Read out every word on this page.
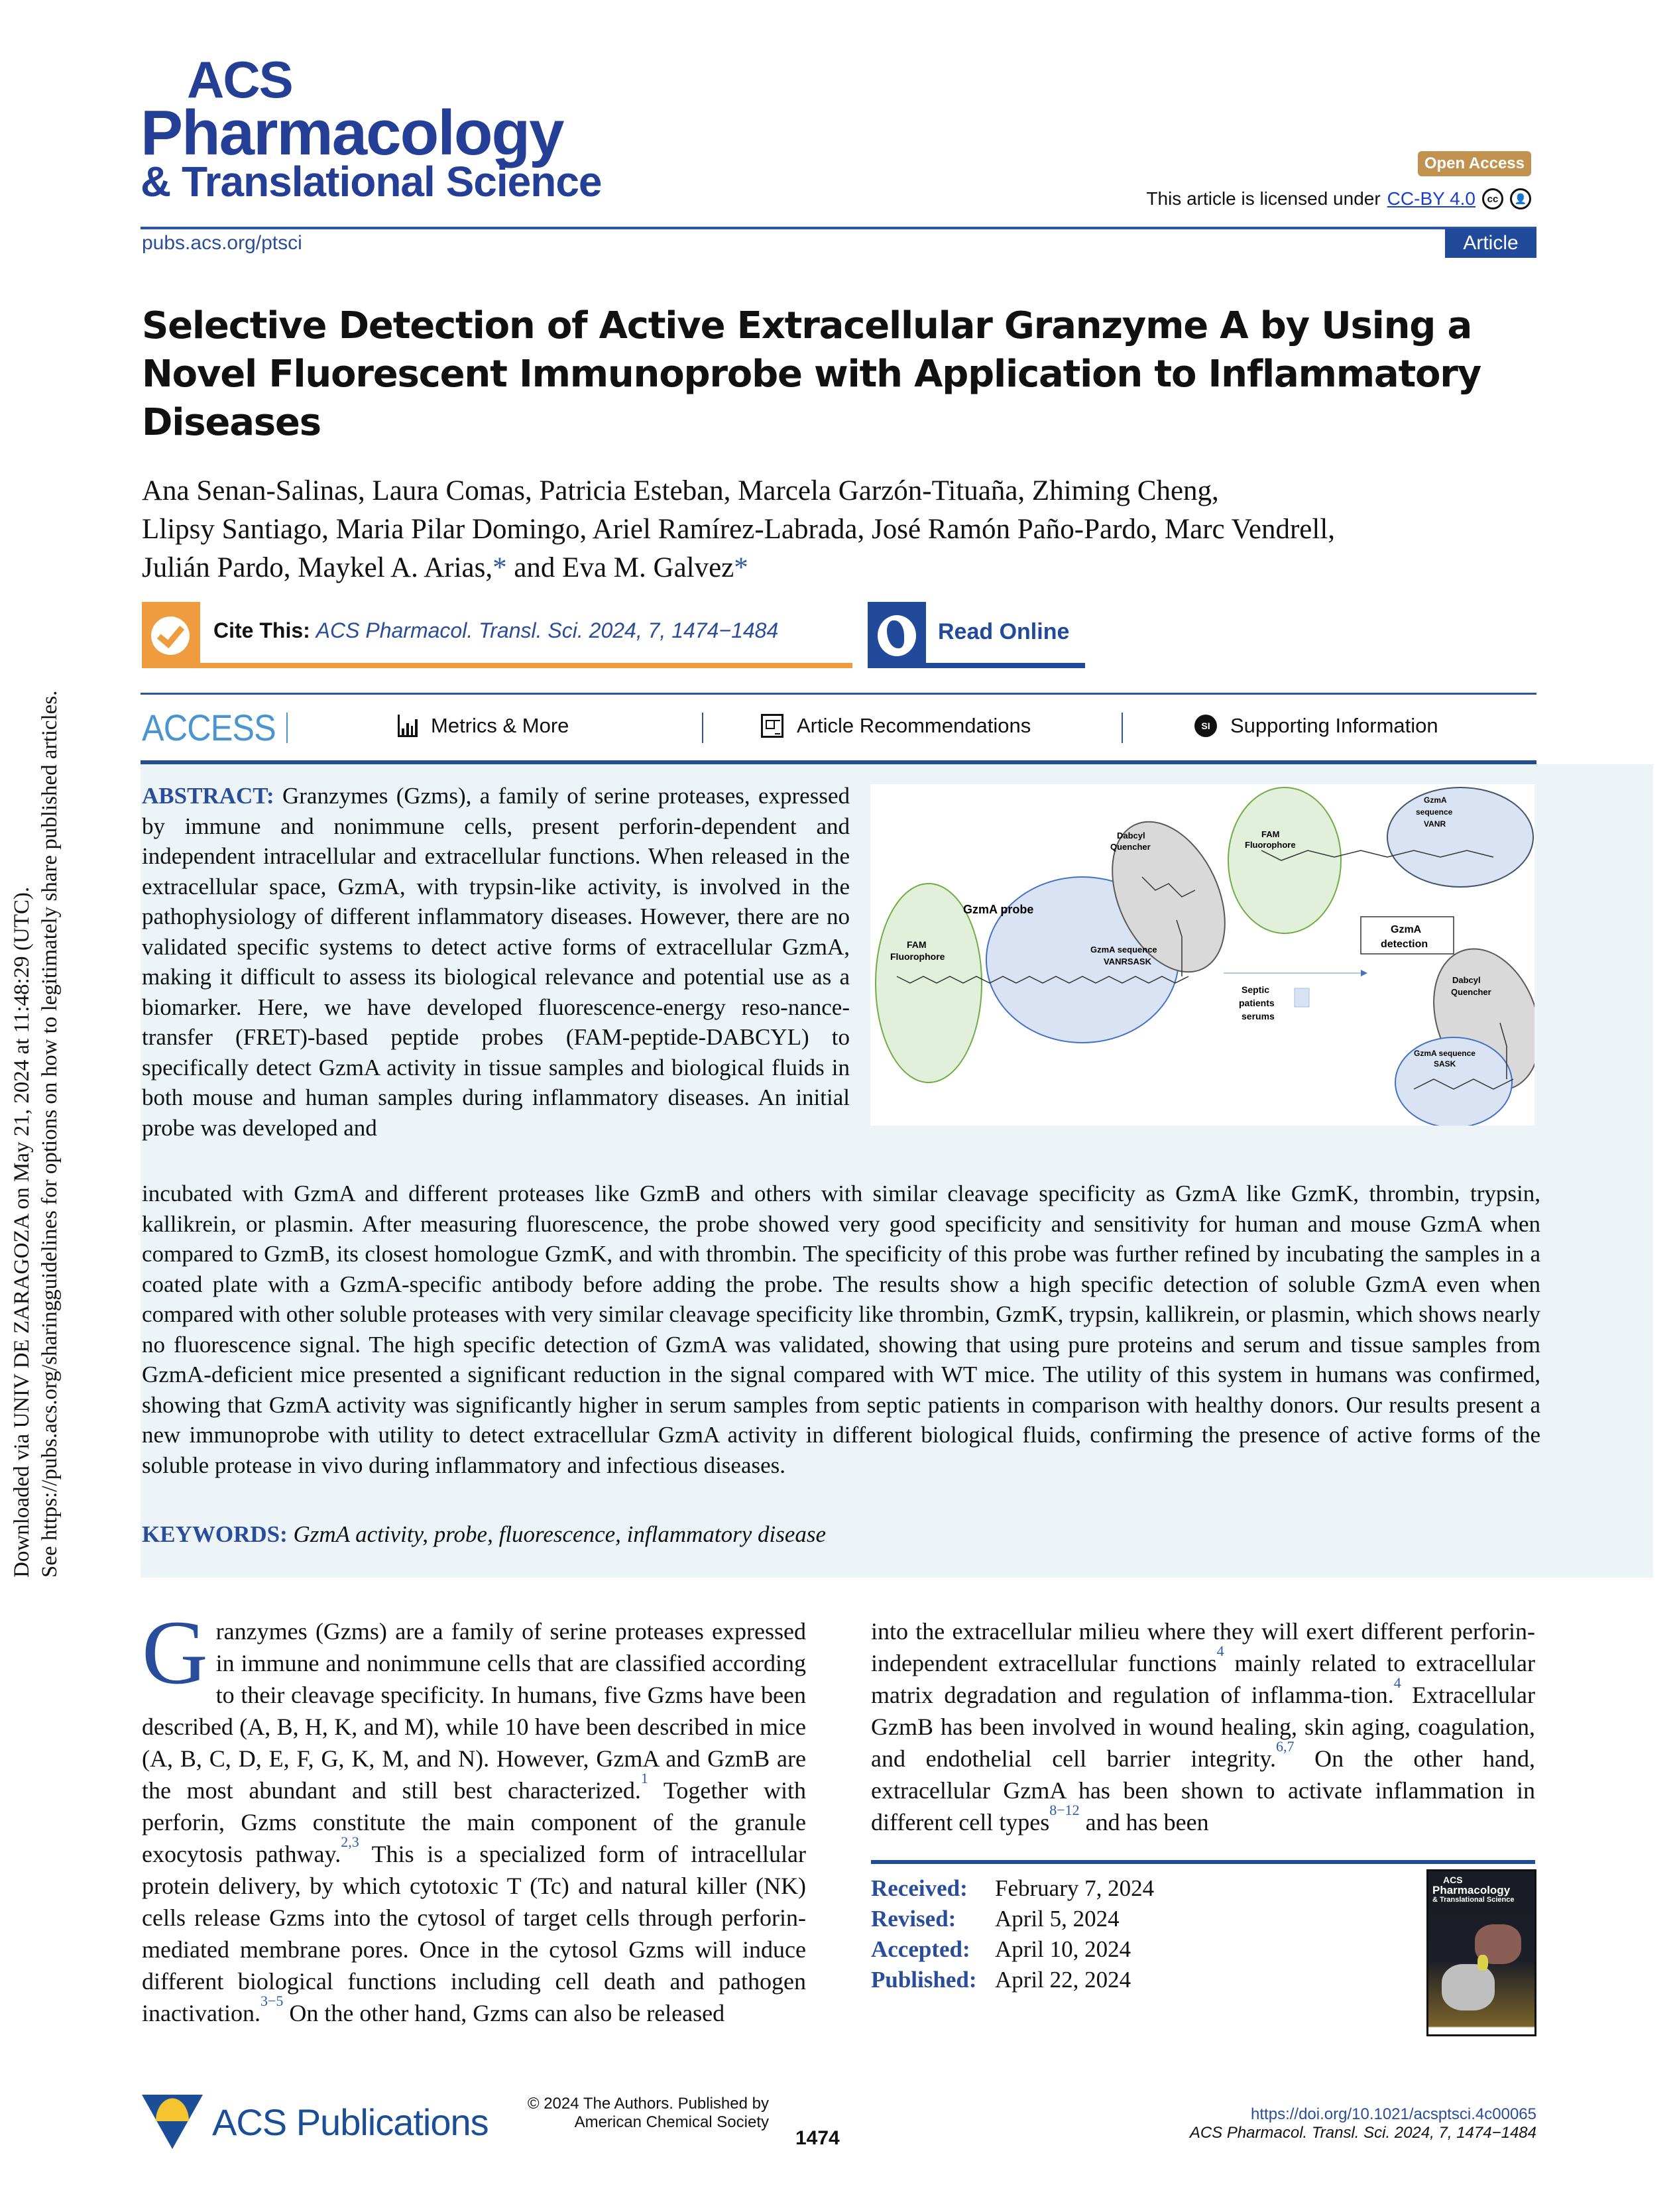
ACS
Pharmacology
& Translational Science	Open Access
This article is licensed under CC-BY 4.0	cc	👤
pubs.acs.org/ptsci	Article
Selective Detection of Active Extracellular Granzyme A by Using a Novel Fluorescent Immunoprobe with Application to Inflammatory Diseases
Ana Senan-Salinas, Laura Comas, Patricia Esteban, Marcela Garzón-Tituaña, Zhiming Cheng,
Llipsy Santiago, Maria Pilar Domingo, Ariel Ramírez-Labrada, José Ramón Paño-Pardo, Marc Vendrell,
Julián Pardo, Maykel A. Arias,* and Eva M. Galvez*
Cite This: ACS Pharmacol. Transl. Sci. 2024, 7, 1474−1484	Read Online
ACCESS	Metrics & More	Article Recommendations	SI Supporting Information
ABSTRACT: Granzymes (Gzms), a family of serine proteases, expressed by immune and nonimmune cells, present perforin-dependent and independent intracellular and extracellular functions. When released in the extracellular space, GzmA, with trypsin-like activity, is involved in the pathophysiology of different inflammatory diseases. However, there are no validated specific systems to detect active forms of extracellular GzmA, making it difficult to assess its biological relevance and potential use as a biomarker. Here, we have developed fluorescence-energy reso-nance-transfer (FRET)-based peptide probes (FAM-peptide-DABCYL) to specifically detect GzmA activity in tissue samples and biological fluids in both mouse and human samples during inflammatory diseases. An initial probe was developed and
GzmA probe
FAM
Fluorophore
Dabcyl
Quencher
GzmA sequence
VANRSASK
Septic
patients
serums
GzmA
detection
FAM
Fluorophore
GzmA
sequence
VANR
Dabcyl
Quencher
GzmA sequence
SASK
incubated with GzmA and different proteases like GzmB and others with similar cleavage specificity as GzmA like GzmK, thrombin, trypsin, kallikrein, or plasmin. After measuring fluorescence, the probe showed very good specificity and sensitivity for human and mouse GzmA when compared to GzmB, its closest homologue GzmK, and with thrombin. The specificity of this probe was further refined by incubating the samples in a coated plate with a GzmA-specific antibody before adding the probe. The results show a high specific detection of soluble GzmA even when compared with other soluble proteases with very similar cleavage specificity like thrombin, GzmK, trypsin, kallikrein, or plasmin, which shows nearly no fluorescence signal. The high specific detection of GzmA was validated, showing that using pure proteins and serum and tissue samples from GzmA-deficient mice presented a significant reduction in the signal compared with WT mice. The utility of this system in humans was confirmed, showing that GzmA activity was significantly higher in serum samples from septic patients in comparison with healthy donors. Our results present a new immunoprobe with utility to detect extracellular GzmA activity in different biological fluids, confirming the presence of active forms of the soluble protease in vivo during inflammatory and infectious diseases.
KEYWORDS: GzmA activity, probe, fluorescence, inflammatory disease
Downloaded via UNIV DE ZARAGOZA on May 21, 2024 at 11:48:29 (UTC). See https://pubs.acs.org/sharingguidelines for options on how to legitimately share published articles.
Granzymes (Gzms) are a family of serine proteases expressed in immune and nonimmune cells that are classified according to their cleavage specificity. In humans, five Gzms have been described (A, B, H, K, and M), while 10 have been described in mice (A, B, C, D, E, F, G, K, M, and N). However, GzmA and GzmB are the most abundant and still best characterized.$^1$ Together with perforin, Gzms constitute the main component of the granule exocytosis pathway.$^{2,3}$ This is a specialized form of intracellular protein delivery, by which cytotoxic T (Tc) and natural killer (NK) cells release Gzms into the cytosol of target cells through perforin-mediated membrane pores. Once in the cytosol Gzms will induce different biological functions including cell death and pathogen inactivation.$^{3-5}$ On the other hand, Gzms can also be released
into the extracellular milieu where they will exert different perforin-independent extracellular functions$^4$ mainly related to extracellular matrix degradation and regulation of inflamma-tion.$^4$ Extracellular GzmB has been involved in wound healing, skin aging, coagulation, and endothelial cell barrier integrity.$^{6,7}$ On the other hand, extracellular GzmA has been shown to activate inflammation in different cell types$^{8-12}$ and has been
Received:	February 7, 2024
Revised:	April 5, 2024
Accepted:	April 10, 2024
Published: April 22, 2024
ACS
Pharmacology
& Translational Science
ACS Publications	© 2024 The Authors. Published by
American Chemical Society
1474
https://doi.org/10.1021/acsptsci.4c00065
ACS Pharmacol. Transl. Sci. 2024, 7, 1474−1484
